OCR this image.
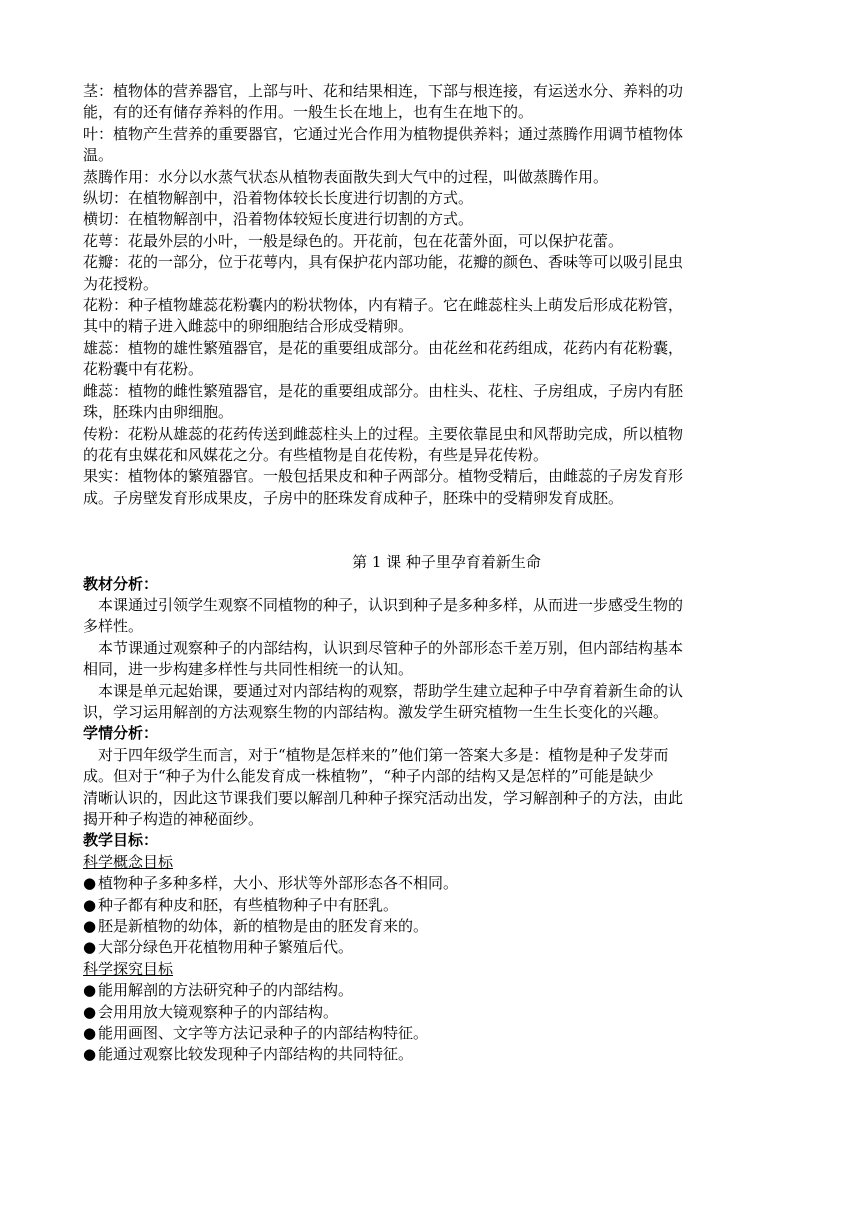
茎：植物体的营养器官，上部与叶、花和结果相连，下部与根连接，有运送水分、养料的功

能，有的还有储存养料的作用。一般生长在地上，也有生在地下的。

叶：植物产生营养的重要器官，它通过光合作用为植物提供养料；通过蒸腾作用调节植物体

温。

蒸腾作用：水分以水蒸气状态从植物表面散失到大气中的过程，叫做蒸腾作用。

纵切：在植物解剖中，沿着物体较长长度进行切割的方式。

横切：在植物解剖中，沿着物体较短长度进行切割的方式。

花萼：花最外层的小叶，一般是绿色的。开花前，包在花蕾外面，可以保护花蕾。

花瓣：花的一部分，位于花萼内，具有保护花内部功能，花瓣的颜色、香味等可以吸引昆虫

为花授粉。

花粉：种子植物雄蕊花粉囊内的粉状物体，内有精子。它在雌蕊柱头上萌发后形成花粉管，

其中的精子进入雌蕊中的卵细胞结合形成受精卵。

雄蕊：植物的雄性繁殖器官，是花的重要组成部分。由花丝和花药组成，花药内有花粉囊，

花粉囊中有花粉。

雌蕊：植物的雌性繁殖器官，是花的重要组成部分。由柱头、花柱、子房组成，子房内有胚

珠，胚珠内由卵细胞。

传粉：花粉从雄蕊的花药传送到雌蕊柱头上的过程。主要依靠昆虫和风帮助完成，所以植物

的花有虫媒花和风媒花之分。有些植物是自花传粉，有些是异花传粉。

果实：植物体的繁殖器官。一般包括果皮和种子两部分。植物受精后，由雌蕊的子房发育形

成。子房壁发育形成果皮，子房中的胚珠发育成种子，胚珠中的受精卵发育成胚。

第 1 课 种子里孕育着新生命

教材分析：

本课通过引领学生观察不同植物的种子，认识到种子是多种多样，从而进一步感受生物的

多样性。

本节课通过观察种子的内部结构，认识到尽管种子的外部形态千差万别，但内部结构基本

相同，进一步构建多样性与共同性相统一的认知。

本课是单元起始课，要通过对内部结构的观察，帮助学生建立起种子中孕育着新生命的认

识，学习运用解剖的方法观察生物的内部结构。激发学生研究植物一生生长变化的兴趣。

学情分析：

对于四年级学生而言，对于“植物是怎样来的”他们第一答案大多是：植物是种子发芽而

成。但对于“种子为什么能发育成一株植物”，“种子内部的结构又是怎样的”可能是缺少

清晰认识的，因此这节课我们要以解剖几种种子探究活动出发，学习解剖种子的方法，由此

揭开种子构造的神秘面纱。

教学目标：

科学概念目标

● 植物种子多种多样，大小、形状等外部形态各不相同。

● 种子都有种皮和胚，有些植物种子中有胚乳。

● 胚是新植物的幼体，新的植物是由的胚发育来的。

● 大部分绿色开花植物用种子繁殖后代。

科学探究目标

● 能用解剖的方法研究种子的内部结构。

● 会用用放大镜观察种子的内部结构。

● 能用画图、文字等方法记录种子的内部结构特征。

● 能通过观察比较发现种子内部结构的共同特征。
